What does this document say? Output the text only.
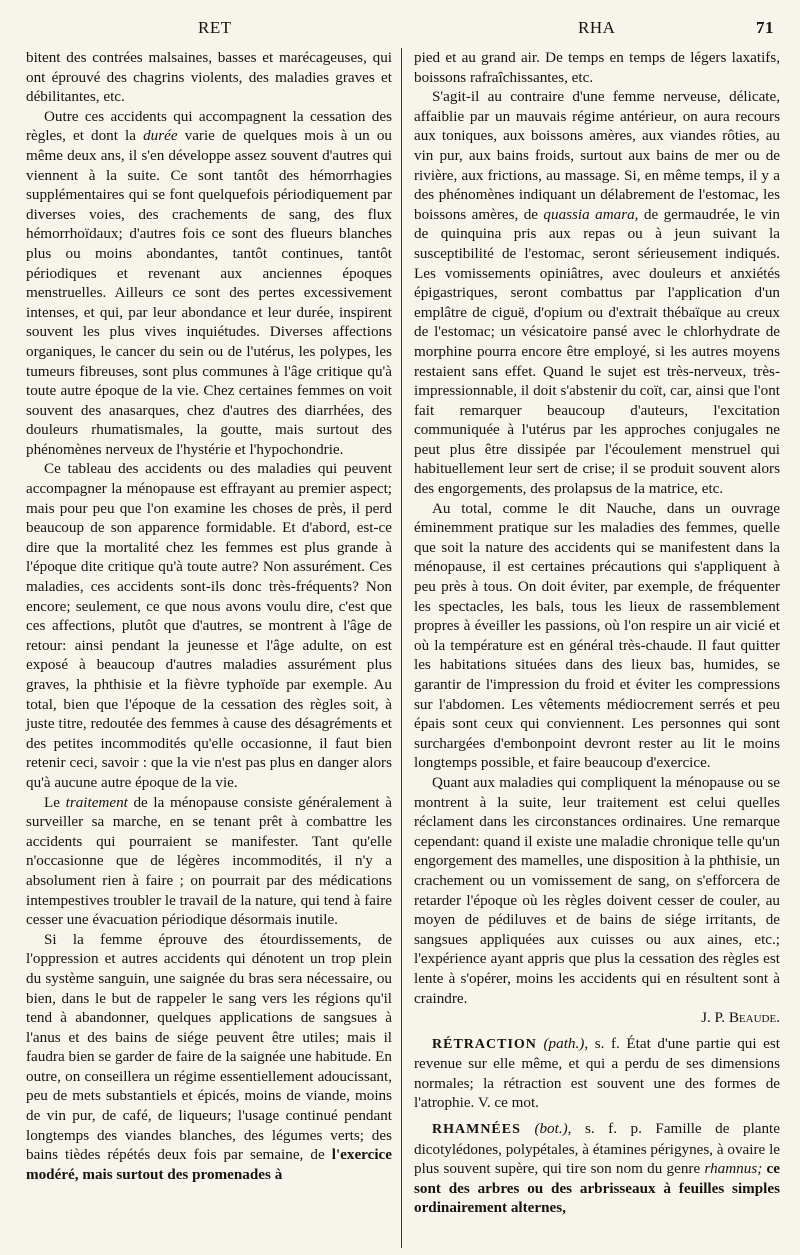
RET	RHA	71

bitent des contrées malsaines, basses et marécageuses, qui ont éprouvé des chagrins violents, des maladies graves et débilitantes, etc.

Outre ces accidents qui accompagnent la cessation des règles, et dont la durée varie de quelques mois à un ou même deux ans, il s'en développe assez souvent d'autres qui viennent à la suite. Ce sont tantôt des hémorrhagies supplémentaires qui se font quelquefois périodiquement par diverses voies, des crachements de sang, des flux hémorrhoïdaux; d'autres fois ce sont des flueurs blanches plus ou moins abondantes, tantôt continues, tantôt périodiques et revenant aux anciennes époques menstruelles. Ailleurs ce sont des pertes excessivement intenses, et qui, par leur abondance et leur durée, inspirent souvent les plus vives inquiétudes. Diverses affections organiques, le cancer du sein ou de l'utérus, les polypes, les tumeurs fibreuses, sont plus communes à l'âge critique qu'à toute autre époque de la vie. Chez certaines femmes on voit souvent des anasarques, chez d'autres des diarrhées, des douleurs rhumatismales, la goutte, mais surtout des phénomènes nerveux de l'hystérie et l'hypochondrie.

Ce tableau des accidents ou des maladies qui peuvent accompagner la ménopause est effrayant au premier aspect; mais pour peu que l'on examine les choses de près, il perd beaucoup de son apparence formidable. Et d'abord, est-ce dire que la mortalité chez les femmes est plus grande à l'époque dite critique qu'à toute autre? Non assurément. Ces maladies, ces accidents sont-ils donc très-fréquents? Non encore; seulement, ce que nous avons voulu dire, c'est que ces affections, plutôt que d'autres, se montrent à l'âge de retour: ainsi pendant la jeunesse et l'âge adulte, on est exposé à beaucoup d'autres maladies assurément plus graves, la phthisie et la fièvre typhoïde par exemple. Au total, bien que l'époque de la cessation des règles soit, à juste titre, redoutée des femmes à cause des désagréments et des petites incommodités qu'elle occasionne, il faut bien retenir ceci, savoir : que la vie n'est pas plus en danger alors qu'à aucune autre époque de la vie.

Le traitement de la ménopause consiste généralement à surveiller sa marche, en se tenant prêt à combattre les accidents qui pourraient se manifester. Tant qu'elle n'occasionne que de légères incommodités, il n'y a absolument rien à faire ; on pourrait par des médications intempestives troubler le travail de la nature, qui tend à faire cesser une évacuation périodique désormais inutile.

Si la femme éprouve des étourdissements, de l'oppression et autres accidents qui dénotent un trop plein du système sanguin, une saignée du bras sera nécessaire, ou bien, dans le but de rappeler le sang vers les régions qu'il tend à abandonner, quelques applications de sangsues à l'anus et des bains de siége peuvent être utiles; mais il faudra bien se garder de faire de la saignée une habitude. En outre, on conseillera un régime essentiellement adoucissant, peu de mets substantiels et épicés, moins de viande, moins de vin pur, de café, de liqueurs; l'usage continué pendant longtemps des viandes blanches, des légumes verts; des bains tièdes répétés deux fois par semaine, de l'exercice modéré, mais surtout des promenades à

pied et au grand air. De temps en temps de légers laxatifs, boissons rafraîchissantes, etc.

S'agit-il au contraire d'une femme nerveuse, délicate, affaiblie par un mauvais régime antérieur, on aura recours aux toniques, aux boissons amères, aux viandes rôties, au vin pur, aux bains froids, surtout aux bains de mer ou de rivière, aux frictions, au massage. Si, en même temps, il y a des phénomènes indiquant un délabrement de l'estomac, les boissons amères, de quassia amara, de germaudrée, le vin de quinquina pris aux repas ou à jeun suivant la susceptibilité de l'estomac, seront sérieusement indiqués. Les vomissements opiniâtres, avec douleurs et anxiétés épigastriques, seront combattus par l'application d'un emplâtre de ciguë, d'opium ou d'extrait thébaïque au creux de l'estomac; un vésicatoire pansé avec le chlorhydrate de morphine pourra encore être employé, si les autres moyens restaient sans effet. Quand le sujet est très-nerveux, très-impressionnable, il doit s'abstenir du coït, car, ainsi que l'ont fait remarquer beaucoup d'auteurs, l'excitation communiquée à l'utérus par les approches conjugales ne peut plus être dissipée par l'écoulement menstruel qui habituellement leur sert de crise; il se produit souvent alors des engorgements, des prolapsus de la matrice, etc.

Au total, comme le dit Nauche, dans un ouvrage éminemment pratique sur les maladies des femmes, quelle que soit la nature des accidents qui se manifestent dans la ménopause, il est certaines précautions qui s'appliquent à peu près à tous. On doit éviter, par exemple, de fréquenter les spectacles, les bals, tous les lieux de rassemblement propres à éveiller les passions, où l'on respire un air vicié et où la température est en général très-chaude. Il faut quitter les habitations situées dans des lieux bas, humides, se garantir de l'impression du froid et éviter les compressions sur l'abdomen. Les vêtements médiocrement serrés et peu épais sont ceux qui conviennent. Les personnes qui sont surchargées d'embonpoint devront rester au lit le moins longtemps possible, et faire beaucoup d'exercice.

Quant aux maladies qui compliquent la ménopause ou se montrent à la suite, leur traitement est celui quelles réclament dans les circonstances ordinaires. Une remarque cependant: quand il existe une maladie chronique telle qu'un engorgement des mamelles, une disposition à la phthisie, un crachement ou un vomissement de sang, on s'efforcera de retarder l'époque où les règles doivent cesser de couler, au moyen de pédiluves et de bains de siége irritants, de sangsues appliquées aux cuisses ou aux aines, etc.; l'expérience ayant appris que plus la cessation des règles est lente à s'opérer, moins les accidents qui en résultent sont à craindre.

J. P. Beaude.

RÉTRACTION (path.), s. f. État d'une partie qui est revenue sur elle même, et qui a perdu de ses dimensions normales; la rétraction est souvent une des formes de l'atrophie. V. ce mot.

RHAMNÉES (bot.), s. f. p. Famille de plante dicotylédones, polypétales, à étamines périgynes, à ovaire le plus souvent supère, qui tire son nom du genre rhamnus; ce sont des arbres ou des arbrisseaux à feuilles simples ordinairement alternes,
